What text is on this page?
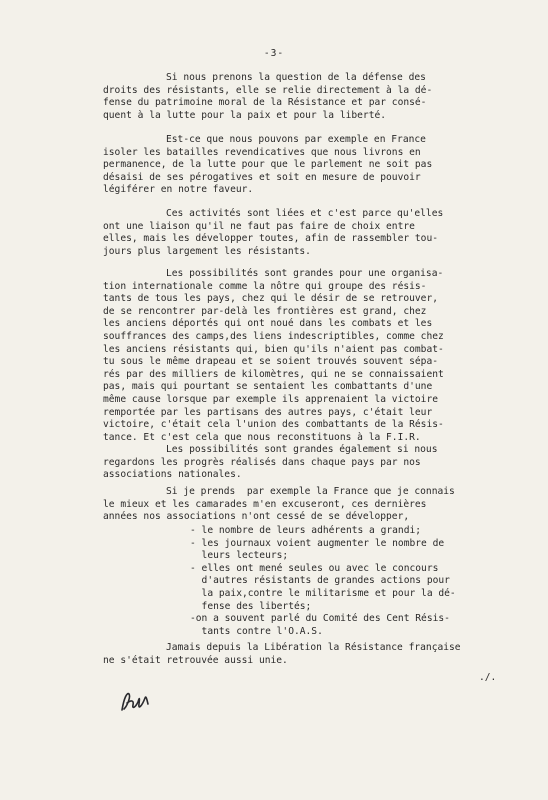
-3-
Si nous prenons la question de la défense des
droits des résistants, elle se relie directement à la dé-
fense du patrimoine moral de la Résistance et par consé-
quent à la lutte pour la paix et pour la liberté.
Est-ce que nous pouvons par exemple en France
isoler les batailles revendicatives que nous livrons en
permanence, de la lutte pour que le parlement ne soit pas
désaisi de ses pérogatives et soit en mesure de pouvoir
légiférer en notre faveur.
Ces activités sont liées et c'est parce qu'elles
ont une liaison qu'il ne faut pas faire de choix entre
elles, mais les développer toutes, afin de rassembler tou-
jours plus largement les résistants.
Les possibilités sont grandes pour une organisa-
tion internationale comme la nôtre qui groupe des résis-
tants de tous les pays, chez qui le désir de se retrouver,
de se rencontrer par-delà les frontières est grand, chez
les anciens déportés qui ont noué dans les combats et les
souffrances des camps,des liens indescriptibles, comme chez
les anciens résistants qui, bien qu'ils n'aient pas combat-
tu sous le même drapeau et se soient trouvés souvent sépa-
rés par des milliers de kilomètres, qui ne se connaissaient
pas, mais qui pourtant se sentaient les combattants d'une
même cause lorsque par exemple ils apprenaient la victoire
remportée par les partisans des autres pays, c'était leur
victoire, c'était cela l'union des combattants de la Résis-
tance. Et c'est cela que nous reconstituons à la F.I.R.
Les possibilités sont grandes également si nous
regardons les progrès réalisés dans chaque pays par nos
associations nationales.
Si je prends  par exemple la France que je connais
le mieux et les camarades m'en excuseront, ces dernières
années nos associations n'ont cessé de se développer,
- le nombre de leurs adhérents a grandi;
- les journaux voient augmenter le nombre de
leurs lecteurs;
- elles ont mené seules ou avec le concours
d'autres résistants de grandes actions pour
la paix,contre le militarisme et pour la dé-
fense des libertés;
-on a souvent parlé du Comité des Cent Résis-
tants contre l'O.A.S.
Jamais depuis la Libération la Résistance française
ne s'était retrouvée aussi unie.
./.
